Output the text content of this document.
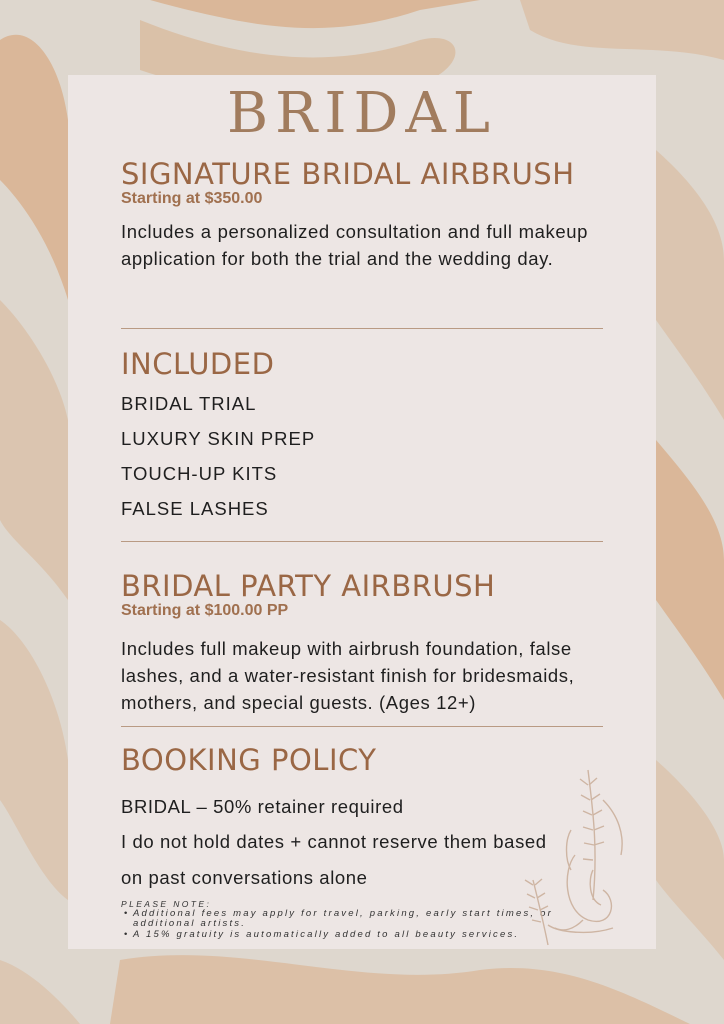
BRIDAL
SIGNATURE BRIDAL AIRBRUSH
Starting at $350.00
Includes a personalized consultation and full makeup application for both the trial and the wedding day.
INCLUDED
BRIDAL TRIAL
LUXURY SKIN PREP
TOUCH-UP KITS
FALSE LASHES
BRIDAL PARTY AIRBRUSH
Starting at $100.00 PP
Includes full makeup with airbrush foundation, false lashes, and a water-resistant finish for bridesmaids, mothers, and special guests. (Ages 12+)
BOOKING POLICY
BRIDAL – 50% retainer required
I do not hold dates + cannot reserve them based
on past conversations alone
PLEASE NOTE:
• Additional fees may apply for travel, parking, early start times, or additional artists.
• A 15% gratuity is automatically added to all beauty services.
